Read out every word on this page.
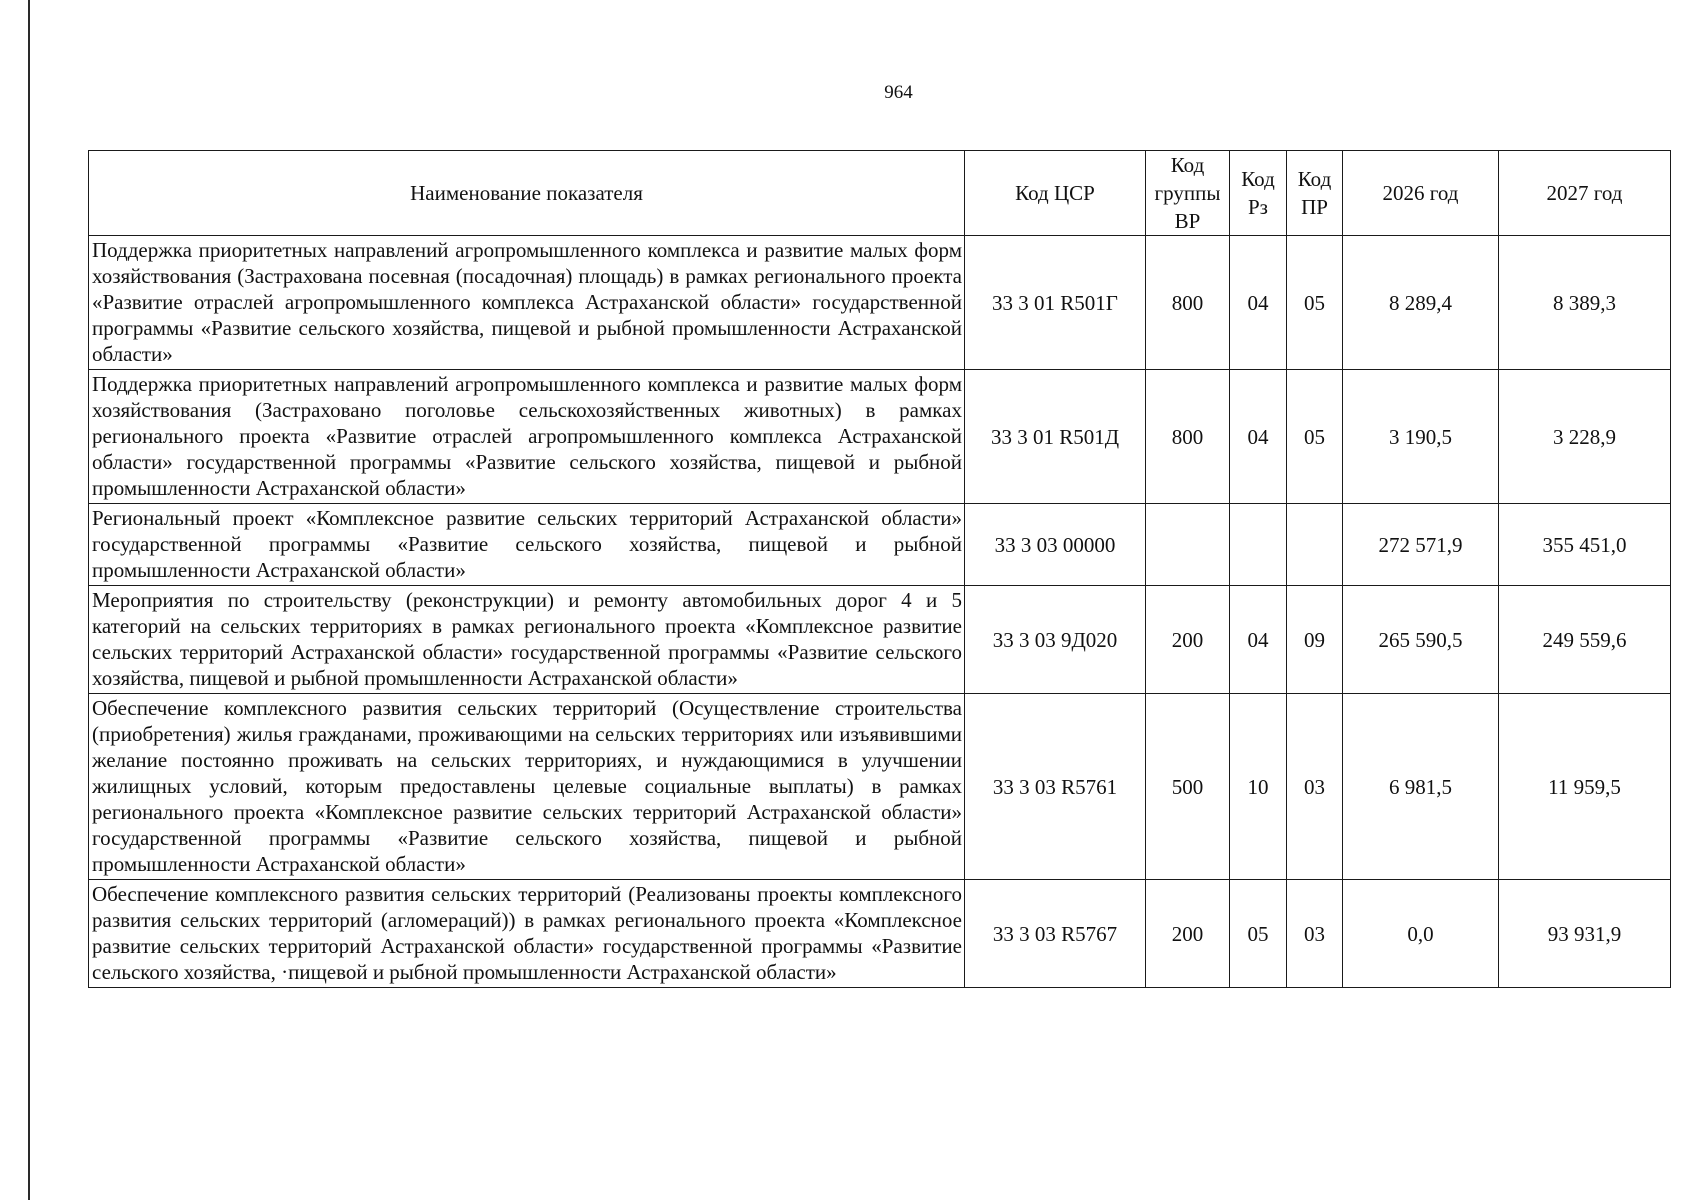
964
Наименование показателя	Код ЦСР	Код группы ВР	Код Рз	Код ПР	2026 год	2027 год
Поддержка приоритетных направлений агропромышленного комплекса и развитие малых форм хозяйствования (Застрахована посевная (посадочная) площадь) в рамках регионального проекта «Развитие отраслей агропромышленного комплекса Астраханской области» государственной программы «Развитие сельского хозяйства, пищевой и рыбной промышленности Астраханской области»	33 3 01 R501Г	800	04	05	8 289,4	8 389,3
Поддержка приоритетных направлений агропромышленного комплекса и развитие малых форм хозяйствования (Застраховано поголовье сельскохозяйственных животных) в рамках регионального проекта «Развитие отраслей агропромышленного комплекса Астраханской области» государственной программы «Развитие сельского хозяйства, пищевой и рыбной промышленности Астраханской области»	33 3 01 R501Д	800	04	05	3 190,5	3 228,9
Региональный проект «Комплексное развитие сельских территорий Астраханской области» государственной программы «Развитие сельского хозяйства, пищевой и рыбной промышленности Астраханской области»	33 3 03 00000				272 571,9	355 451,0
Мероприятия по строительству (реконструкции) и ремонту автомобильных дорог 4 и 5 категорий на сельских территориях в рамках регионального проекта «Комплексное развитие сельских территорий Астраханской области» государственной программы «Развитие сельского хозяйства, пищевой и рыбной промышленности Астраханской области»	33 3 03 9Д020	200	04	09	265 590,5	249 559,6
Обеспечение комплексного развития сельских территорий (Осуществление строительства (приобретения) жилья гражданами, проживающими на сельских территориях или изъявившими желание постоянно проживать на сельских территориях, и нуждающимися в улучшении жилищных условий, которым предоставлены целевые социальные выплаты) в рамках регионального проекта «Комплексное развитие сельских территорий Астраханской области» государственной программы «Развитие сельского хозяйства, пищевой и рыбной промышленности Астраханской области»	33 3 03 R5761	500	10	03	6 981,5	11 959,5
Обеспечение комплексного развития сельских территорий (Реализованы проекты комплексного развития сельских территорий (агломераций)) в рамках регионального проекта «Комплексное развитие сельских территорий Астраханской области» государственной программы «Развитие сельского хозяйства, ·пищевой и рыбной промышленности Астраханской области»	33 3 03 R5767	200	05	03	0,0	93 931,9
